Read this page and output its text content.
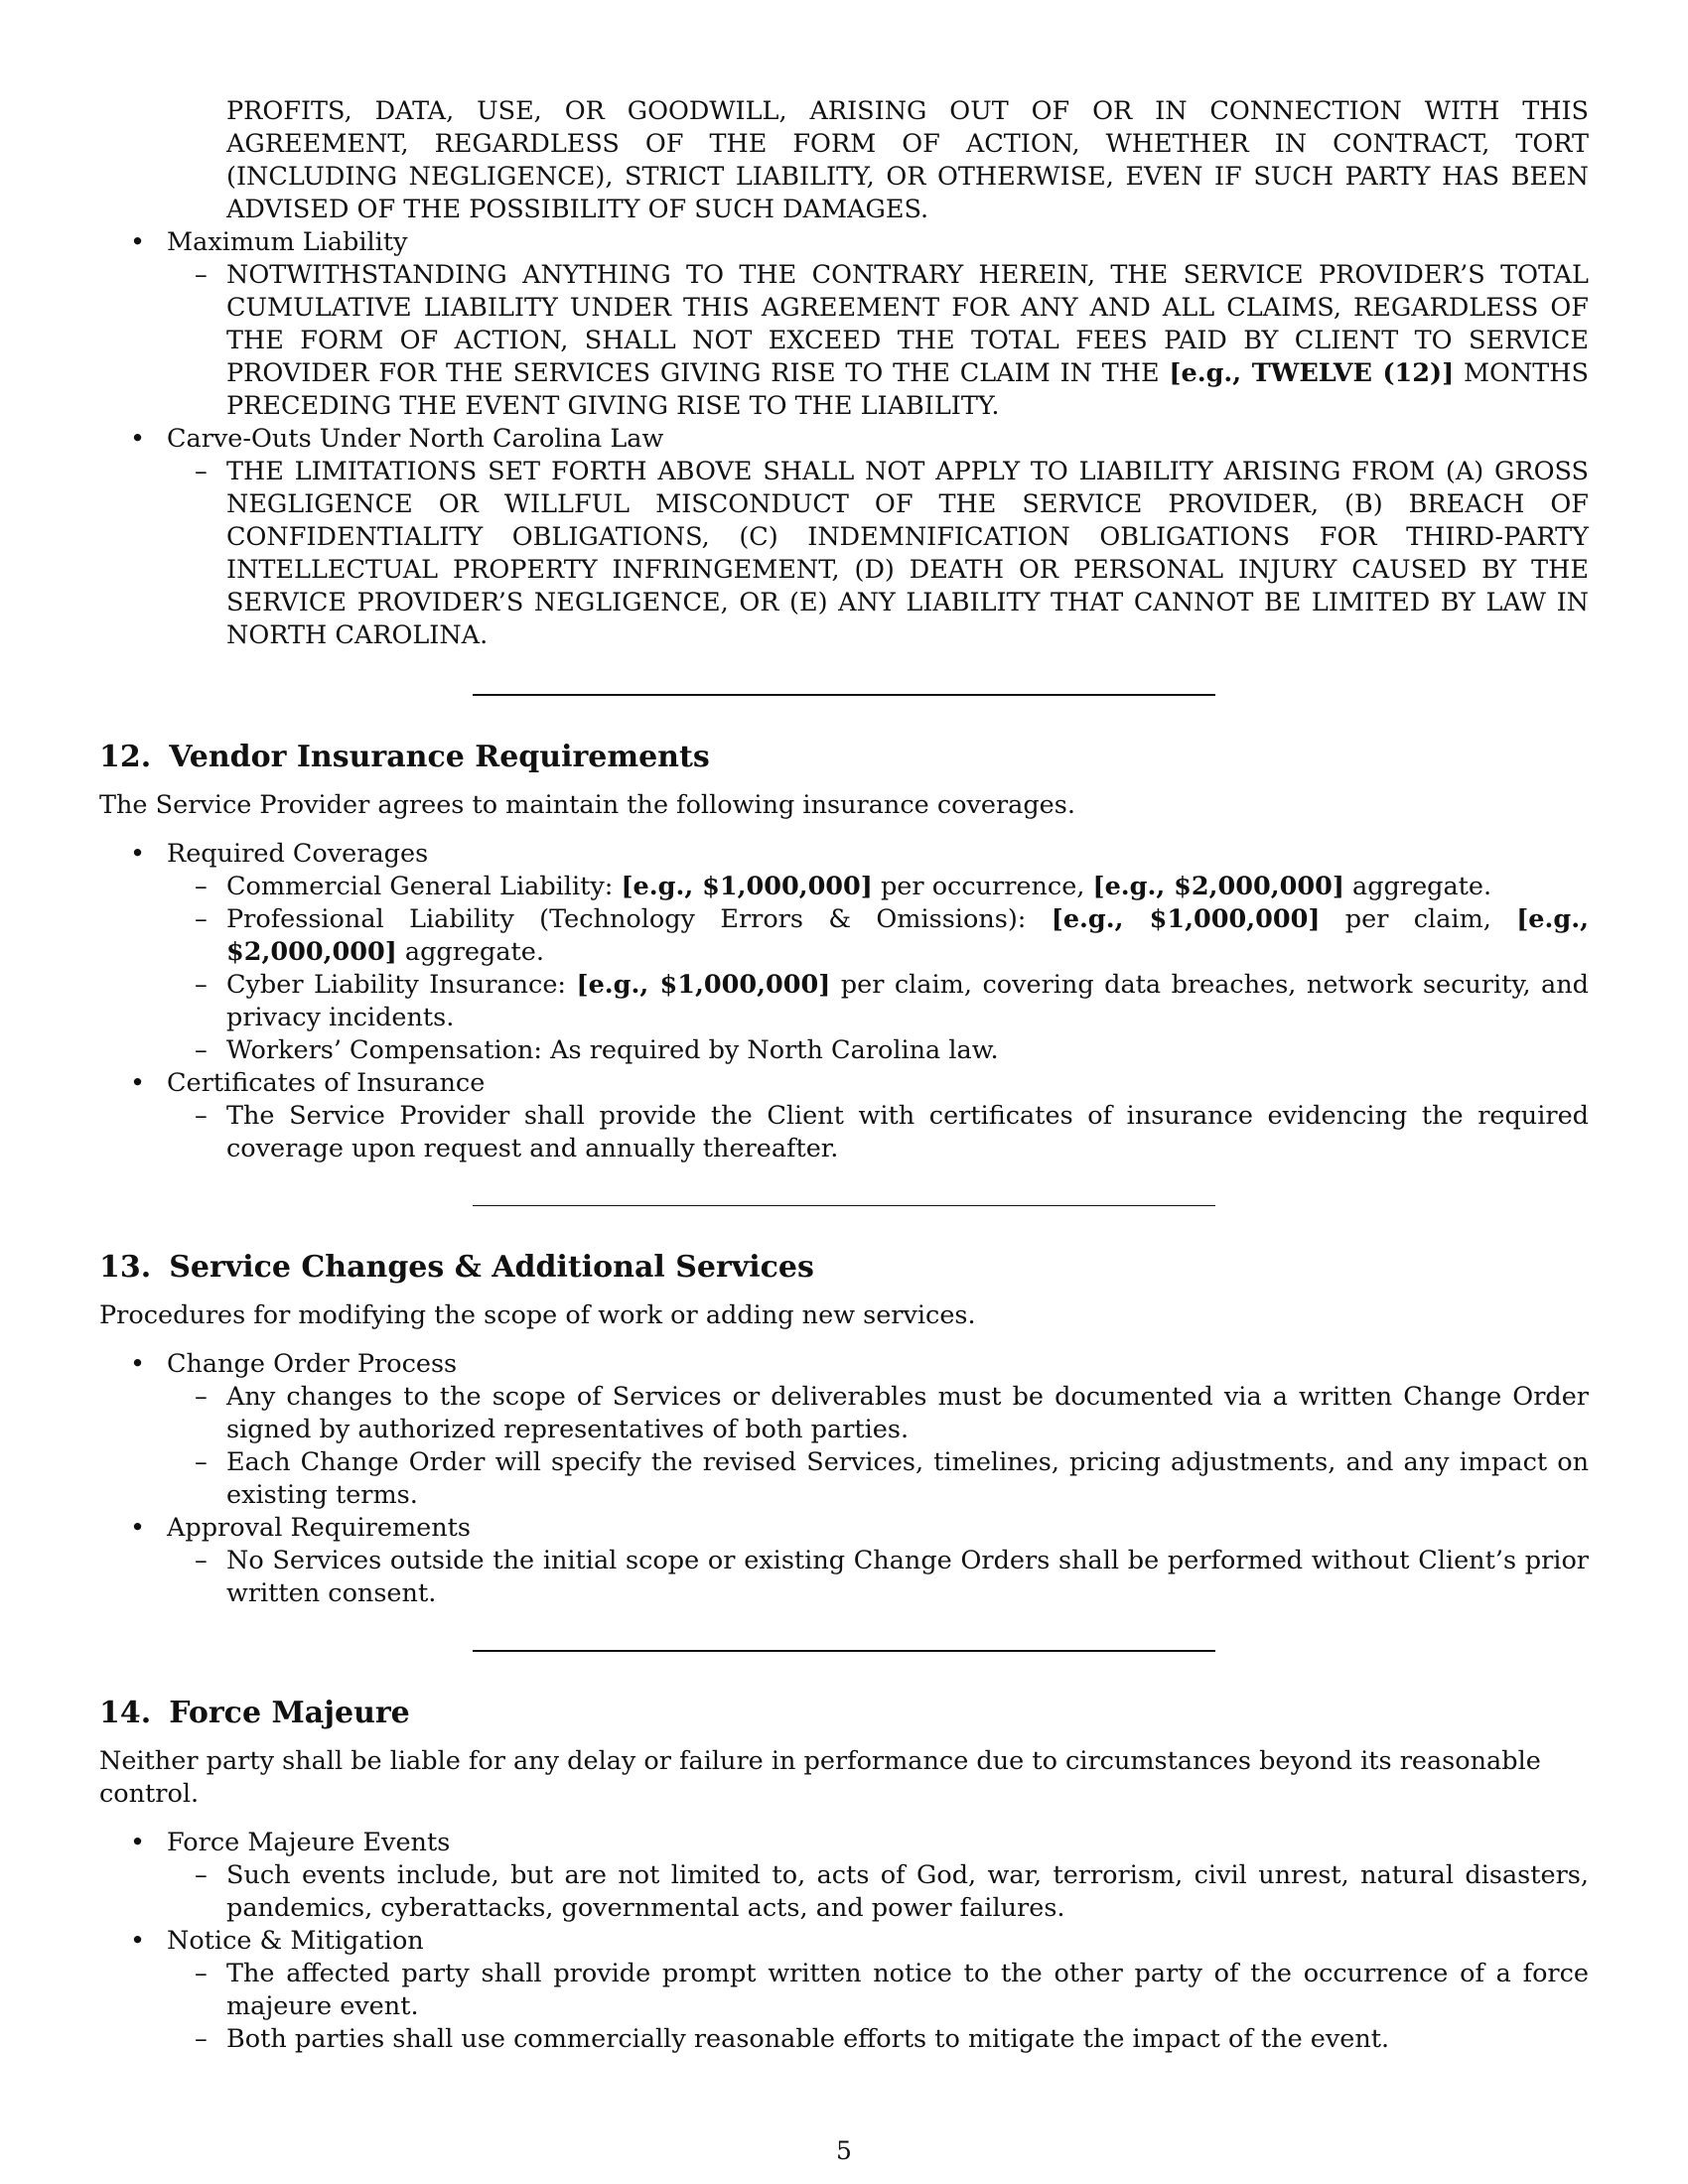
PROFITS, DATA, USE, OR GOODWILL, ARISING OUT OF OR IN CONNECTION WITH THIS AGREEMENT, REGARDLESS OF THE FORM OF ACTION, WHETHER IN CONTRACT, TORT (INCLUDING NEGLIGENCE), STRICT LIABILITY, OR OTHERWISE, EVEN IF SUCH PARTY HAS BEEN ADVISED OF THE POSSIBILITY OF SUCH DAMAGES.
• Maximum Liability
– NOTWITHSTANDING ANYTHING TO THE CONTRARY HEREIN, THE SERVICE PROVIDER’S TOTAL CUMULATIVE LIABILITY UNDER THIS AGREEMENT FOR ANY AND ALL CLAIMS, REGARDLESS OF THE FORM OF ACTION, SHALL NOT EXCEED THE TOTAL FEES PAID BY CLIENT TO SERVICE PROVIDER FOR THE SERVICES GIVING RISE TO THE CLAIM IN THE [e.g., TWELVE (12)] MONTHS PRECEDING THE EVENT GIVING RISE TO THE LIABILITY.
• Carve-Outs Under North Carolina Law
– THE LIMITATIONS SET FORTH ABOVE SHALL NOT APPLY TO LIABILITY ARISING FROM (A) GROSS NEGLIGENCE OR WILLFUL MISCONDUCT OF THE SERVICE PROVIDER, (B) BREACH OF CONFIDENTIALITY OBLIGATIONS, (C) INDEMNIFICATION OBLIGATIONS FOR THIRD-PARTY INTELLECTUAL PROPERTY INFRINGEMENT, (D) DEATH OR PERSONAL INJURY CAUSED BY THE SERVICE PROVIDER’S NEGLIGENCE, OR (E) ANY LIABILITY THAT CANNOT BE LIMITED BY LAW IN NORTH CAROLINA.
12. Vendor Insurance Requirements
The Service Provider agrees to maintain the following insurance coverages.
• Required Coverages
– Commercial General Liability: [e.g., $1,000,000] per occurrence, [e.g., $2,000,000] aggregate.
– Professional Liability (Technology Errors & Omissions): [e.g., $1,000,000] per claim, [e.g., $2,000,000] aggregate.
– Cyber Liability Insurance: [e.g., $1,000,000] per claim, covering data breaches, network security, and privacy incidents.
– Workers’ Compensation: As required by North Carolina law.
• Certificates of Insurance
– The Service Provider shall provide the Client with certificates of insurance evidencing the required coverage upon request and annually thereafter.
13. Service Changes & Additional Services
Procedures for modifying the scope of work or adding new services.
• Change Order Process
– Any changes to the scope of Services or deliverables must be documented via a written Change Order signed by authorized representatives of both parties.
– Each Change Order will specify the revised Services, timelines, pricing adjustments, and any impact on existing terms.
• Approval Requirements
– No Services outside the initial scope or existing Change Orders shall be performed without Client’s prior written consent.
14. Force Majeure
Neither party shall be liable for any delay or failure in performance due to circumstances beyond its reasonable control.
• Force Majeure Events
– Such events include, but are not limited to, acts of God, war, terrorism, civil unrest, natural disasters, pandemics, cyberattacks, governmental acts, and power failures.
• Notice & Mitigation
– The affected party shall provide prompt written notice to the other party of the occurrence of a force majeure event.
– Both parties shall use commercially reasonable efforts to mitigate the impact of the event.
5
